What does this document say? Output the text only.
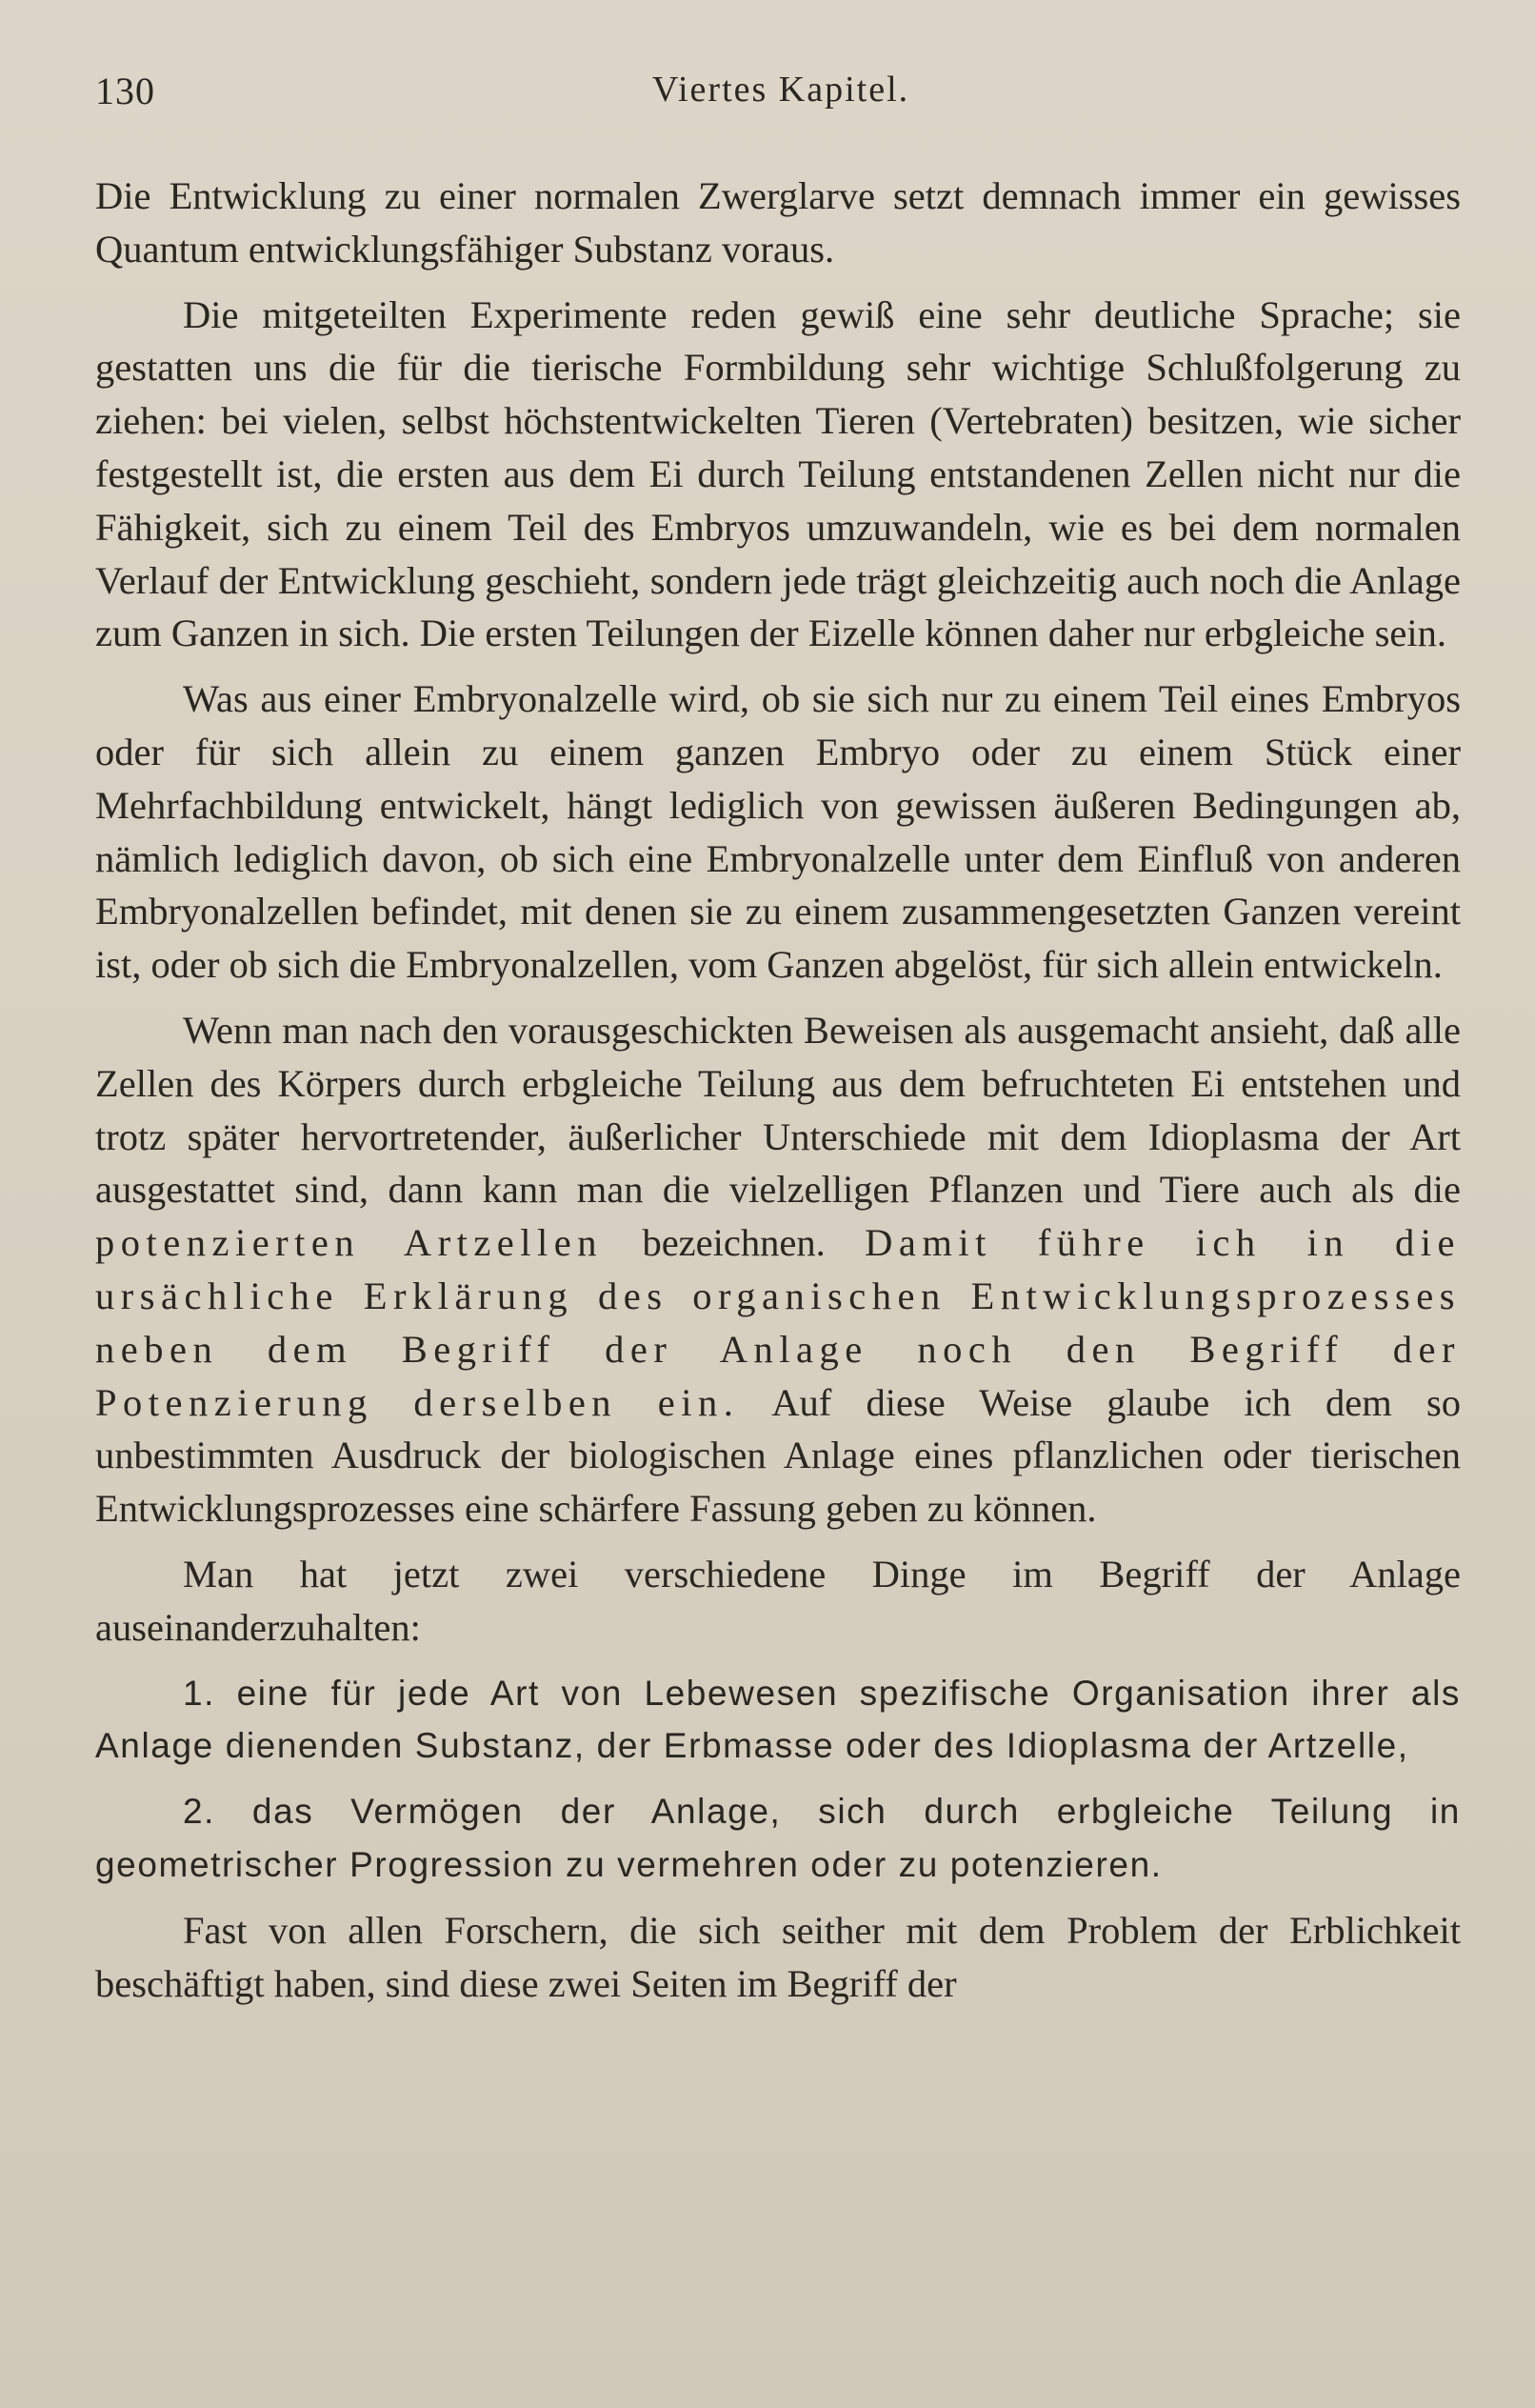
130	Viertes Kapitel.

Die Entwicklung zu einer normalen Zwerglarve setzt demnach immer ein gewisses Quantum entwicklungsfähiger Substanz voraus.

Die mitgeteilten Experimente reden gewiß eine sehr deutliche Sprache; sie gestatten uns die für die tierische Formbildung sehr wichtige Schlußfolgerung zu ziehen: bei vielen, selbst höchstentwickelten Tieren (Vertebraten) besitzen, wie sicher festgestellt ist, die ersten aus dem Ei durch Teilung entstandenen Zellen nicht nur die Fähigkeit, sich zu einem Teil des Embryos umzuwandeln, wie es bei dem normalen Verlauf der Entwicklung geschieht, sondern jede trägt gleichzeitig auch noch die Anlage zum Ganzen in sich. Die ersten Teilungen der Eizelle können daher nur erbgleiche sein.

Was aus einer Embryonalzelle wird, ob sie sich nur zu einem Teil eines Embryos oder für sich allein zu einem ganzen Embryo oder zu einem Stück einer Mehrfachbildung entwickelt, hängt lediglich von gewissen äußeren Bedingungen ab, nämlich lediglich davon, ob sich eine Embryonalzelle unter dem Einfluß von anderen Embryonalzellen befindet, mit denen sie zu einem zusammengesetzten Ganzen vereint ist, oder ob sich die Embryonalzellen, vom Ganzen abgelöst, für sich allein entwickeln.

Wenn man nach den vorausgeschickten Beweisen als ausgemacht ansieht, daß alle Zellen des Körpers durch erbgleiche Teilung aus dem befruchteten Ei entstehen und trotz später hervortretender, äußerlicher Unterschiede mit dem Idioplasma der Art ausgestattet sind, dann kann man die vielzelligen Pflanzen und Tiere auch als die potenzierten Artzellen bezeichnen. Damit führe ich in die ursächliche Erklärung des organischen Entwicklungsprozesses neben dem Begriff der Anlage noch den Begriff der Potenzierung derselben ein. Auf diese Weise glaube ich dem so unbestimmten Ausdruck der biologischen Anlage eines pflanzlichen oder tierischen Entwicklungsprozesses eine schärfere Fassung geben zu können.

Man hat jetzt zwei verschiedene Dinge im Begriff der Anlage auseinanderzuhalten:

1. eine für jede Art von Lebewesen spezifische Organisation ihrer als Anlage dienenden Substanz, der Erbmasse oder des Idioplasma der Artzelle,

2. das Vermögen der Anlage, sich durch erbgleiche Teilung in geometrischer Progression zu vermehren oder zu potenzieren.

Fast von allen Forschern, die sich seither mit dem Problem der Erblichkeit beschäftigt haben, sind diese zwei Seiten im Begriff der
